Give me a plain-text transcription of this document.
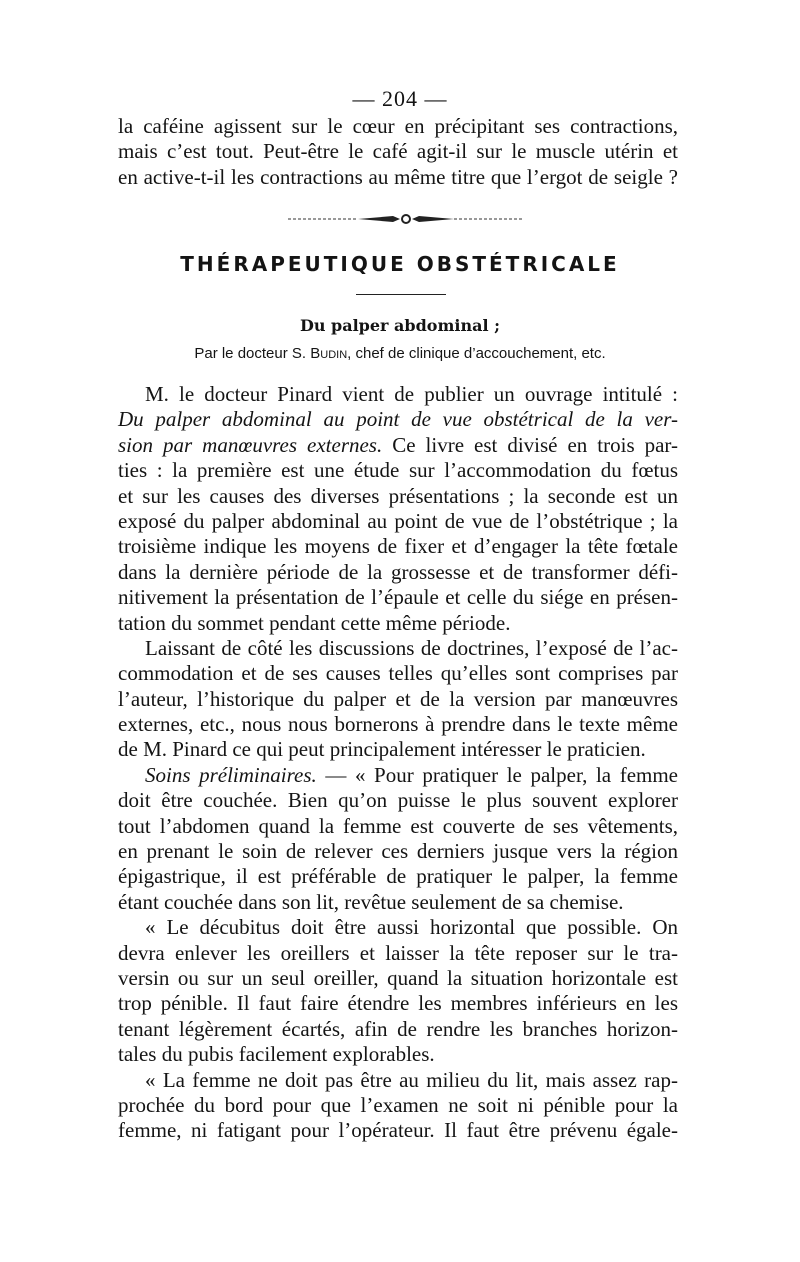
— 204 —
la caféine agissent sur le cœur en précipitant ses contractions,
mais c’est tout. Peut-être le café agit-il sur le muscle utérin et
en active-t-il les contractions au même titre que l’ergot de seigle ?
THÉRAPEUTIQUE OBSTÉTRICALE
Du palper abdominal ;
Par le docteur S. Budin, chef de clinique d’accouchement, etc.
M. le docteur Pinard vient de publier un ouvrage intitulé :
Du palper abdominal au point de vue obstétrical de la ver-
sion par manœuvres externes. Ce livre est divisé en trois par-
ties : la première est une étude sur l’accommodation du fœtus
et sur les causes des diverses présentations ; la seconde est un
exposé du palper abdominal au point de vue de l’obstétrique ; la
troisième indique les moyens de fixer et d’engager la tête fœtale
dans la dernière période de la grossesse et de transformer défi-
nitivement la présentation de l’épaule et celle du siége en présen-
tation du sommet pendant cette même période.
Laissant de côté les discussions de doctrines, l’exposé de l’ac-
commodation et de ses causes telles qu’elles sont comprises par
l’auteur, l’historique du palper et de la version par manœuvres
externes, etc., nous nous bornerons à prendre dans le texte même
de M. Pinard ce qui peut principalement intéresser le praticien.
Soins préliminaires. — « Pour pratiquer le palper, la femme
doit être couchée. Bien qu’on puisse le plus souvent explorer
tout l’abdomen quand la femme est couverte de ses vêtements,
en prenant le soin de relever ces derniers jusque vers la région
épigastrique, il est préférable de pratiquer le palper, la femme
étant couchée dans son lit, revêtue seulement de sa chemise.
« Le décubitus doit être aussi horizontal que possible. On
devra enlever les oreillers et laisser la tête reposer sur le tra-
versin ou sur un seul oreiller, quand la situation horizontale est
trop pénible. Il faut faire étendre les membres inférieurs en les
tenant légèrement écartés, afin de rendre les branches horizon-
tales du pubis facilement explorables.
« La femme ne doit pas être au milieu du lit, mais assez rap-
prochée du bord pour que l’examen ne soit ni pénible pour la
femme, ni fatigant pour l’opérateur. Il faut être prévenu égale-
